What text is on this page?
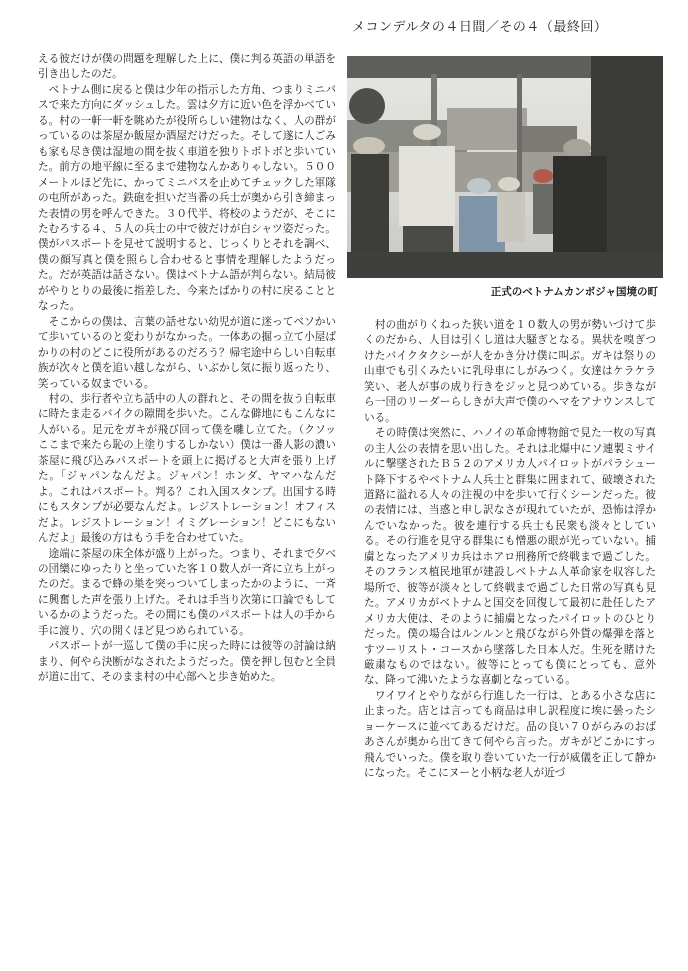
メコンデルタの４日間／その４（最終回）

える彼だけが僕の問題を理解した上に、僕に判る英語の単語を引き出したのだ。

　ベトナム側に戻ると僕は少年の指示した方角、つまりミニバスで来た方向にダッシュした。雲は夕方に近い色を浮かべている。村の一軒一軒を眺めたが役所らしい建物はなく、人の群がっているのは茶屋か飯屋か酒屋だけだった。そして遂に人ごみも家も尽き僕は湿地の間を抜く車道を独りトボトボと歩いていた。前方の地平線に至るまで建物なんかありゃしない。５００メートルほど先に、かってミニバスを止めてチェックした軍隊の屯所があった。鉄砲を担いだ当番の兵士が奥から引き締まった表情の男を呼んできた。３０代半、将校のようだが、そこにたむろする４、５人の兵士の中で彼だけが白シャツ姿だった。僕がパスポートを見せて説明すると、じっくりとそれを調べ、僕の顔写真と僕を照らし合わせると事情を理解したようだった。だが英語は話さない。僕はベトナム語が判らない。結局彼がやりとりの最後に指差した、今来たばかりの村に戻ることとなった。

　そこからの僕は、言葉の話せない幼児が道に迷ってベソかいて歩いているのと変わりがなかった。一体あの掘っ立て小屋ばかりの村のどこに役所があるのだろう？帰宅途中らしい自転車族が次々と僕を追い越しながら、いぶかし気に振り返ったり、笑っている奴までいる。

　村の、歩行者や立ち話中の人の群れと、その間を抜う自転車に時たま走るバイクの隙間を歩いた。こんな僻地にもこんなに人がいる。足元をガキが飛び回って僕を囃し立てた。（クソッここまで来たら恥の上塗りするしかない）僕は一番人影の濃い茶屋に飛び込みパスポートを頭上に掲げると大声を張り上げた。「ジャパンなんだよ。ジャパン！ホンダ、ヤマハなんだよ。これはパスポート。判る？これ入国スタンプ。出国する時にもスタンプが必要なんだよ。レジストレーション！オフィスだよ。レジストレーション！イミグレーション！どこにもないんだよ」最後の方はもう手を合わせていた。

　途端に茶屋の床全体が盛り上がった。つまり、それまで夕べの団欒にゆったりと坐っていた客１０数人が一斉に立ち上がったのだ。まるで蜂の巣を突っついてしまったかのように、一斉に興奮した声を張り上げた。それは手当り次第に口論でもしているかのようだった。その間にも僕のパスポートは人の手から手に渡り、穴の開くほど見つめられている。

　パスポートが一巡して僕の手に戻った時には彼等の討論は納まり、何やら決断がなされたようだった。僕を押し包むと全員が道に出て、そのまま村の中心部へと歩き始めた。

正式のベトナムカンボジャ国境の町

　村の曲がりくねった狭い道を１０数人の男が勢いづけて歩くのだから、人目は引くし道は大騒ぎとなる。異状を嗅ぎつけたバイクタクシーが人をかき分け僕に叫ぶ。ガキは祭りの山車でも引くみたいに乳母車にしがみつく。女達はケラケラ笑い、老人が事の成り行きをジッと見つめている。歩きながら一団のリーダーらしきが大声で僕のヘマをアナウンスしている。

　その時僕は突然に、ハノイの革命博物館で見た一枚の写真の主人公の表情を思い出した。それは北爆中にソ連製ミサイルに撃墜されたＢ５２のアメリカ人パイロットがパラシュート降下するやベトナム人兵士と群集に囲まれて、破壊された道路に溢れる人々の注視の中を歩いて行くシーンだった。彼の表情には、当惑と申し訳なさが現れていたが、恐怖は浮かんでいなかった。彼を連行する兵士も民衆も淡々としている。その行進を見守る群集にも憎悪の眼が光っていない。捕虜となったアメリカ兵はホアロ刑務所で終戦まで過ごした。そのフランス植民地軍が建設しベトナム人革命家を収容した場所で、彼等が淡々として終戦まで過ごした日常の写真も見た。アメリカがベトナムと国交を回復して最初に赴任したアメリカ大使は、そのように捕虜となったパイロットのひとりだった。僕の場合はルンルンと飛びながら外貨の爆弾を落とすツーリスト・コースから墜落した日本人だ。生死を賭けた厳粛なものではない。彼等にとっても僕にとっても、意外な、降って沸いたような喜劇となっている。

　ワイワイとやりながら行進した一行は、とある小さな店に止まった。店とは言っても商品は申し訳程度に埃に曇ったショーケースに並べてあるだけだ。品の良い７０がらみのおばあさんが奥から出てきて何やら言った。ガキがどこかにすっ飛んでいった。僕を取り巻いていた一行が威儀を正して静かになった。そこにヌーと小柄な老人が近づ
